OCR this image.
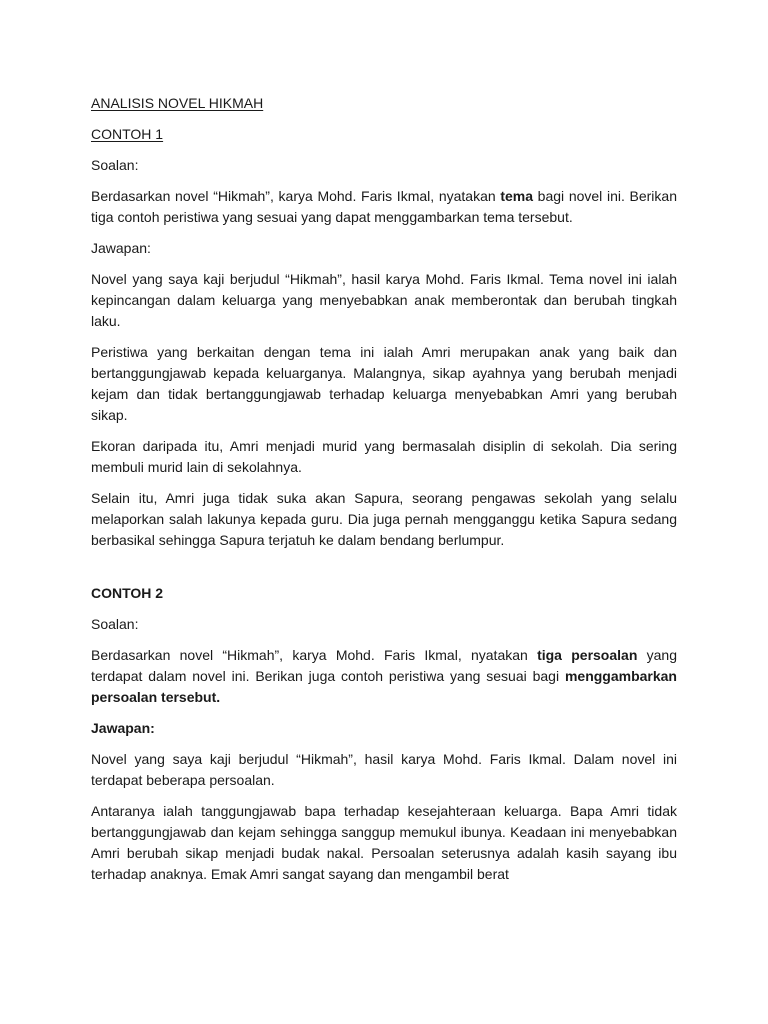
ANALISIS NOVEL HIKMAH

CONTOH 1

Soalan:

Berdasarkan novel “Hikmah”, karya Mohd. Faris Ikmal, nyatakan tema bagi novel ini. Berikan tiga contoh peristiwa yang sesuai yang dapat menggambarkan tema tersebut.

Jawapan:

Novel yang saya kaji berjudul “Hikmah”, hasil karya Mohd. Faris Ikmal. Tema novel ini ialah kepincangan dalam keluarga yang menyebabkan anak memberontak dan berubah tingkah laku.

Peristiwa yang berkaitan dengan tema ini ialah Amri merupakan anak yang baik dan bertanggungjawab kepada keluarganya. Malangnya, sikap ayahnya yang berubah menjadi kejam dan tidak bertanggungjawab terhadap keluarga menyebabkan Amri yang berubah sikap.

Ekoran daripada itu, Amri menjadi murid yang bermasalah disiplin di sekolah. Dia sering membuli murid lain di sekolahnya.

Selain itu, Amri juga tidak suka akan Sapura, seorang pengawas sekolah yang selalu melaporkan salah lakunya kepada guru. Dia juga pernah mengganggu ketika Sapura sedang berbasikal sehingga Sapura terjatuh ke dalam bendang berlumpur.

CONTOH 2

Soalan:

Berdasarkan novel “Hikmah”, karya Mohd. Faris Ikmal, nyatakan tiga persoalan yang terdapat dalam novel ini. Berikan juga contoh peristiwa yang sesuai bagi menggambarkan persoalan tersebut.

Jawapan:

Novel yang saya kaji berjudul “Hikmah”, hasil karya Mohd. Faris Ikmal. Dalam novel ini terdapat beberapa persoalan.

Antaranya ialah tanggungjawab bapa terhadap kesejahteraan keluarga. Bapa Amri tidak bertanggungjawab dan kejam sehingga sanggup memukul ibunya. Keadaan ini menyebabkan Amri berubah sikap menjadi budak nakal. Persoalan seterusnya adalah kasih sayang ibu terhadap anaknya. Emak Amri sangat sayang dan mengambil berat
